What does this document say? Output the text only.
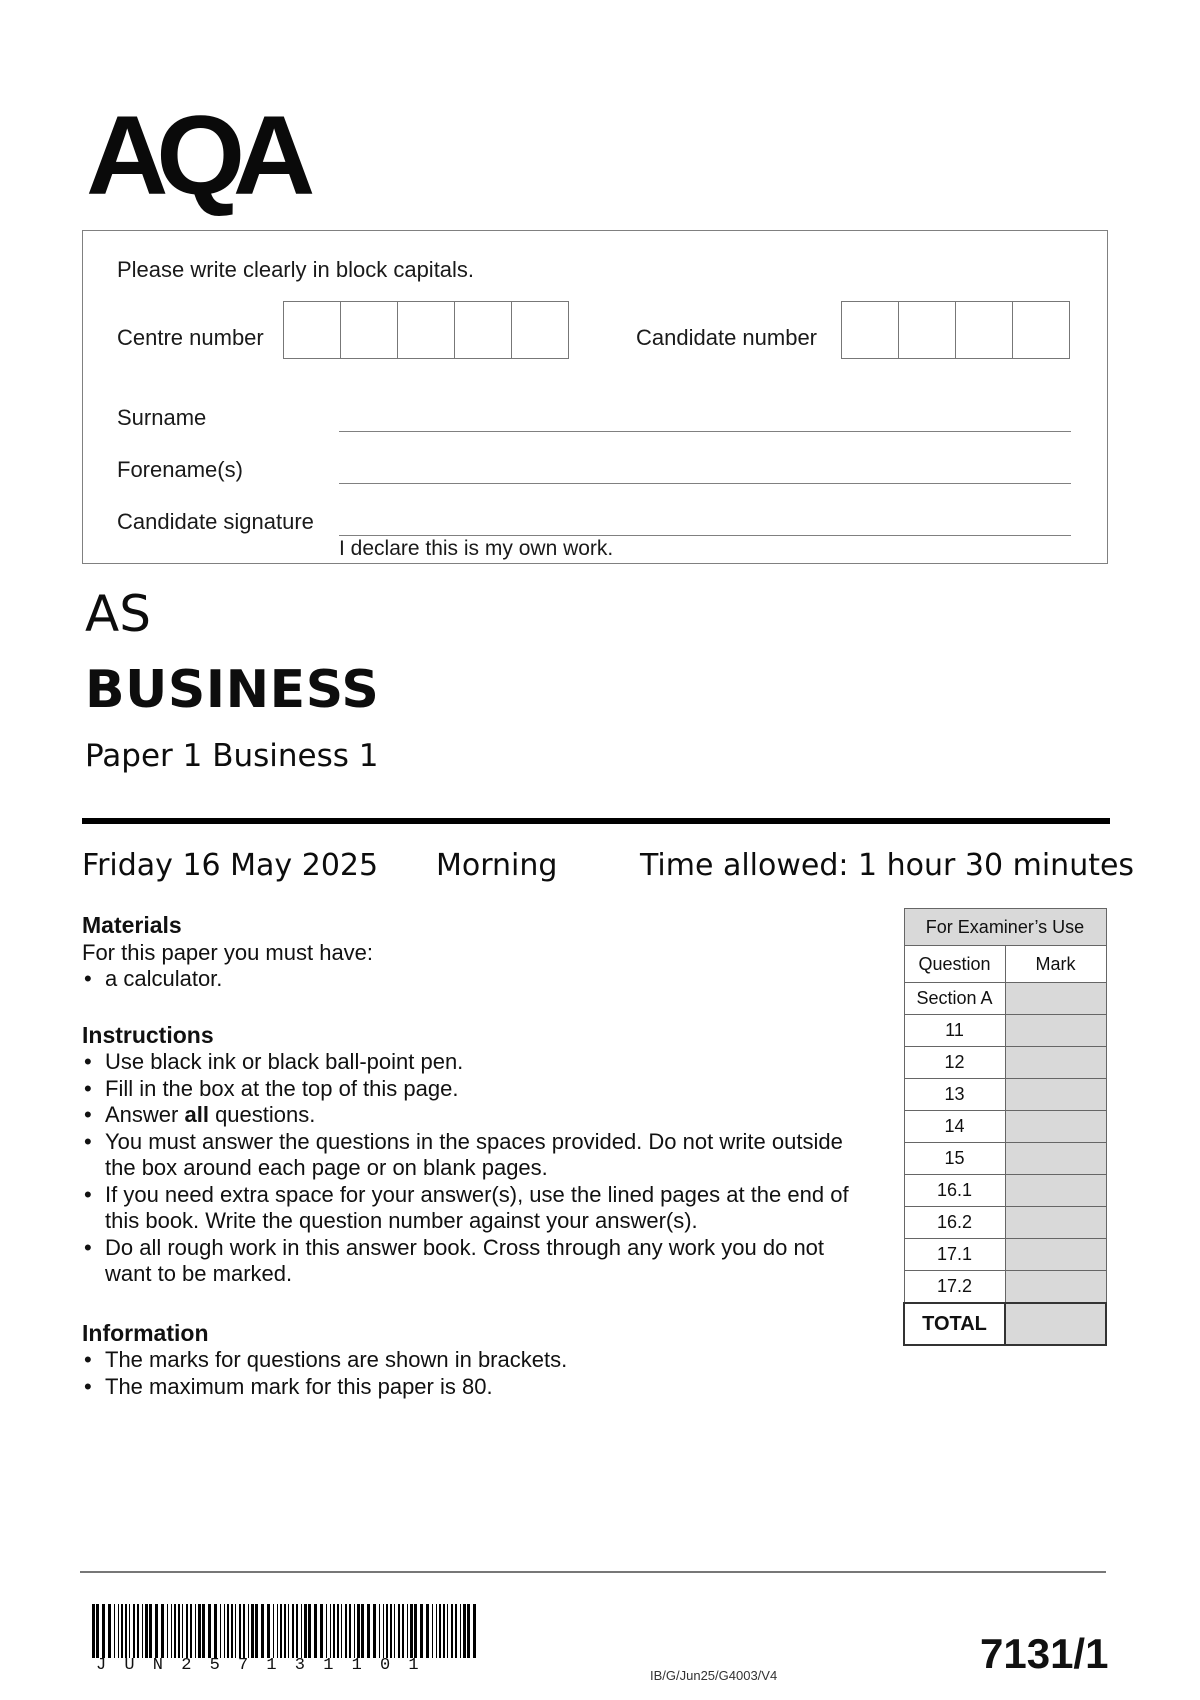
AQA
Please write clearly in block capitals.
Centre number	Candidate number
Surname
Forename(s)
Candidate signature
I declare this is my own work.
AS
BUSINESS
Paper 1 Business 1
Friday 16 May 2025 Morning	Time allowed: 1 hour 30 minutes
Materials
For this paper you must have:
• a calculator.
Instructions
• Use black ink or black ball-point pen.
• Fill in the box at the top of this page.
• Answer all questions.
• You must answer the questions in the spaces provided. Do not write outside the box around each page or on blank pages.
• If you need extra space for your answer(s), use the lined pages at the end of this book. Write the question number against your answer(s).
• Do all rough work in this answer book. Cross through any work you do not want to be marked.
Information
• The marks for questions are shown in brackets.
• The maximum mark for this paper is 80.
For Examiner’s Use	
Question	Mark
Section A	
11	
12	
13	
14	
15	
16.1	
16.2	
17.1	
17.2	
TOTAL	
JUN257131101
IB/G/Jun25/G4003/V4	7131/1
